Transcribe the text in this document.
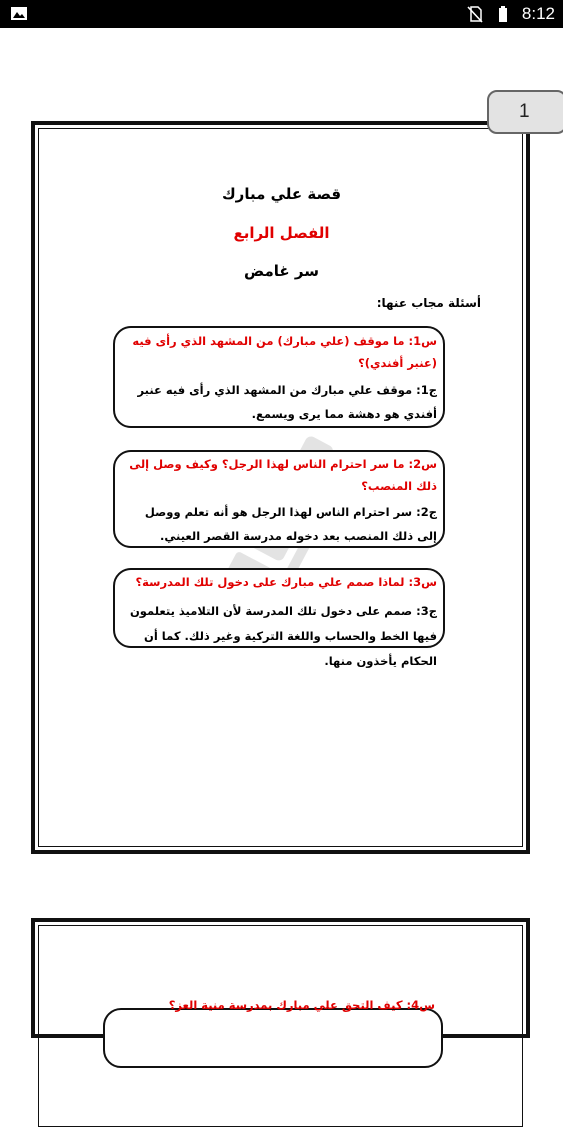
8:12
1
قصة علي مبارك
الفصل الرابع
سر غامض
أسئلة مجاب عنها:
س1: ما موقف (علي مبارك) من المشهد الذي رأى فيه (عنبر أفندي)؟
ج1: موقف علي مبارك من المشهد الذي رأى فيه عنبر أفندي هو دهشة مما يرى ويسمع.
س2: ما سر احترام الناس لهذا الرجل؟ وكيف وصل إلى ذلك المنصب؟
ج2: سر احترام الناس لهذا الرجل هو أنه تعلم ووصل إلى ذلك المنصب بعد دخوله مدرسة القصر العيني.
س3: لماذا صمم علي مبارك على دخول تلك المدرسة؟
ج3: صمم على دخول تلك المدرسة لأن التلاميذ يتعلمون فيها الخط والحساب واللغة التركية وغير ذلك. كما أن الحكام يأخذون منها.
س4: كيف التحق علي مبارك بمدرسة منية العز؟
